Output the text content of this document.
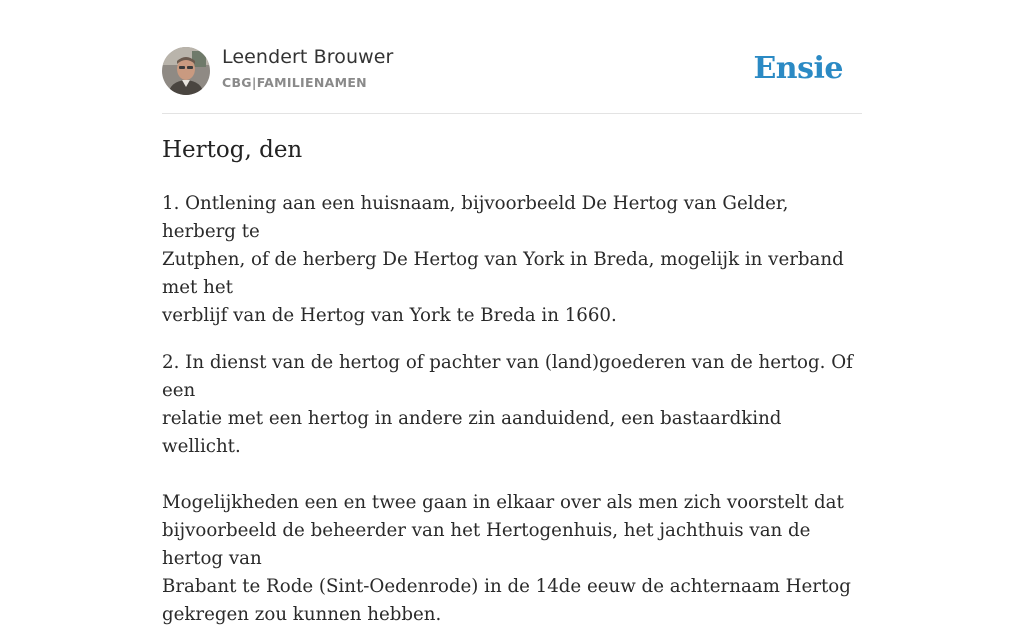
Leendert Brouwer
CBG|FAMILIENAMEN	Ensie
Hertog, den

1. Ontlening aan een huisnaam, bijvoorbeeld De Hertog van Gelder, herberg te
Zutphen, of de herberg De Hertog van York in Breda, mogelijk in verband met het
verblijf van de Hertog van York te Breda in 1660.

2. In dienst van de hertog of pachter van (land)goederen van de hertog. Of een
relatie met een hertog in andere zin aanduidend, een bastaardkind wellicht.

Mogelijkheden een en twee gaan in elkaar over als men zich voorstelt dat
bijvoorbeeld de beheerder van het Hertogenhuis, het jachthuis van de hertog van
Brabant te Rode (Sint-Oedenrode) in de 14de eeuw de achternaam Hertog
gekregen zou kunnen hebben.
